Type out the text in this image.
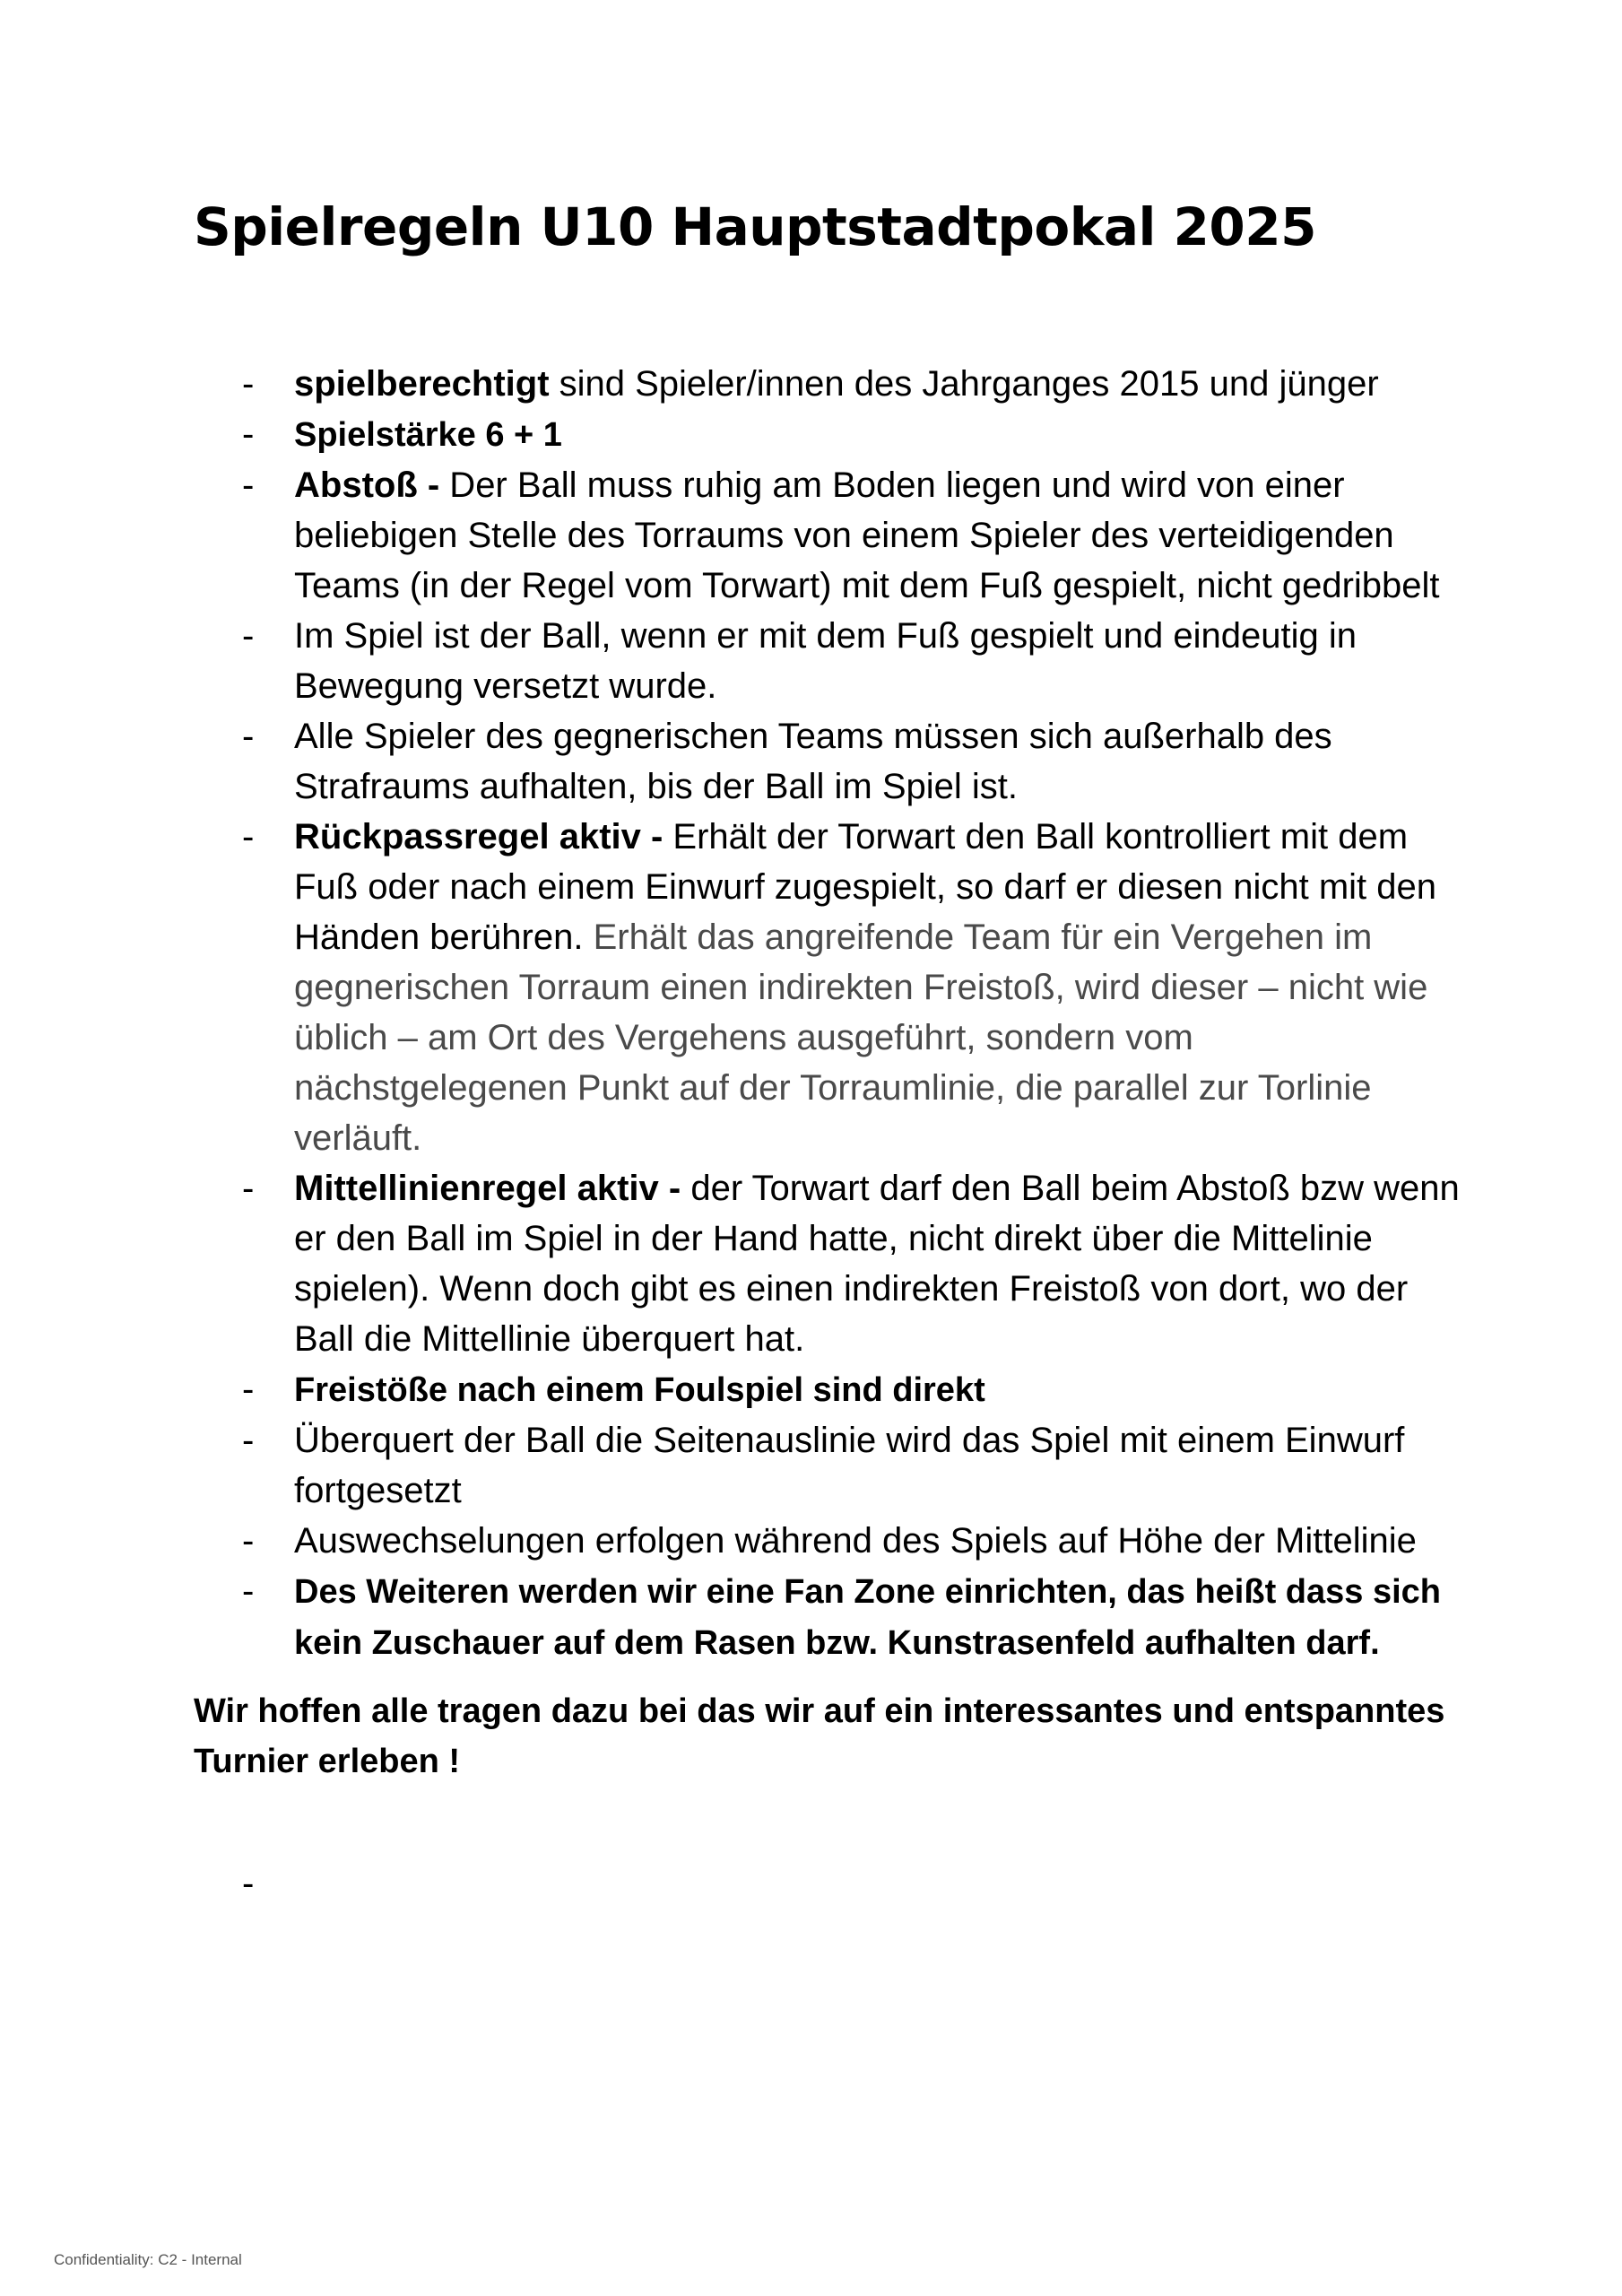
Spielregeln U10 Hauptstadtpokal 2025
- spielberechtigt sind Spieler/innen des Jahrganges 2015 und jünger
- Spielstärke 6 + 1
- Abstoß - Der Ball muss ruhig am Boden liegen und wird von einer beliebigen Stelle des Torraums von einem Spieler des verteidigenden Teams (in der Regel vom Torwart) mit dem Fuß gespielt, nicht gedribbelt
- Im Spiel ist der Ball, wenn er mit dem Fuß gespielt und eindeutig in Bewegung versetzt wurde.
- Alle Spieler des gegnerischen Teams müssen sich außerhalb des Strafraums aufhalten, bis der Ball im Spiel ist.
- Rückpassregel aktiv - Erhält der Torwart den Ball kontrolliert mit dem Fuß oder nach einem Einwurf zugespielt, so darf er diesen nicht mit den Händen berühren. Erhält das angreifende Team für ein Vergehen im gegnerischen Torraum einen indirekten Freistoß, wird dieser – nicht wie üblich – am Ort des Vergehens ausgeführt, sondern vom nächstgelegenen Punkt auf der Torraumlinie, die parallel zur Torlinie verläuft.
- Mittellinienregel aktiv - der Torwart darf den Ball beim Abstoß bzw wenn er den Ball im Spiel in der Hand hatte, nicht direkt über die Mittelinie spielen). Wenn doch gibt es einen indirekten Freistoß von dort, wo der Ball die Mittellinie überquert hat.
- Freistöße nach einem Foulspiel sind direkt
- Überquert der Ball die Seitenauslinie wird das Spiel mit einem Einwurf fortgesetzt
- Auswechselungen erfolgen während des Spiels auf Höhe der Mittelinie
- Des Weiteren werden wir eine Fan Zone einrichten, das heißt dass sich kein Zuschauer auf dem Rasen bzw. Kunstrasenfeld aufhalten darf.

Wir hoffen alle tragen dazu bei das wir auf ein interessantes und entspanntes Turnier erleben !

-
Confidentiality: C2 - Internal
